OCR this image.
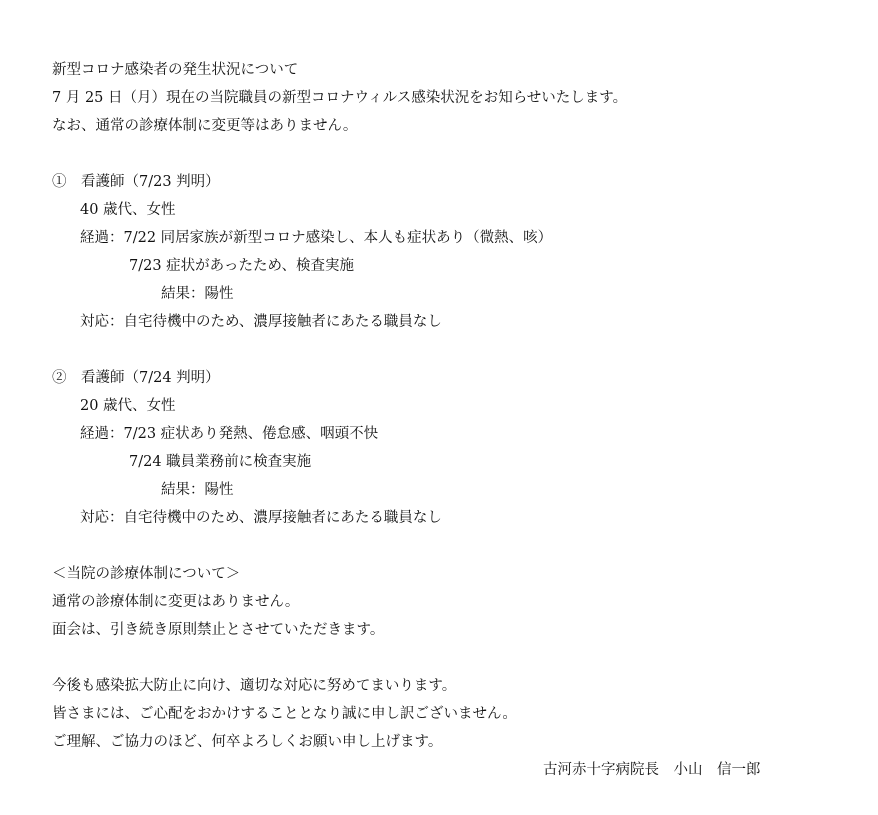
新型コロナ感染者の発生状況について
7 月 25 日（月）現在の当院職員の新型コロナウィルス感染状況をお知らせいたします。
なお、通常の診療体制に変更等はありません。
①　看護師（7/23 判明）
40 歳代、女性
経過：7/22 同居家族が新型コロナ感染し、本人も症状あり（微熱、咳）
7/23 症状があったため、検査実施
結果：陽性
対応：自宅待機中のため、濃厚接触者にあたる職員なし
②　看護師（7/24 判明）
20 歳代、女性
経過：7/23 症状あり発熱、倦怠感、咽頭不快
7/24 職員業務前に検査実施
結果：陽性
対応：自宅待機中のため、濃厚接触者にあたる職員なし
＜当院の診療体制について＞
通常の診療体制に変更はありません。
面会は、引き続き原則禁止とさせていただきます。
今後も感染拡大防止に向け、適切な対応に努めてまいります。
皆さまには、ご心配をおかけすることとなり誠に申し訳ございません。
ご理解、ご協力のほど、何卒よろしくお願い申し上げます。
古河赤十字病院長　小山　信一郎
